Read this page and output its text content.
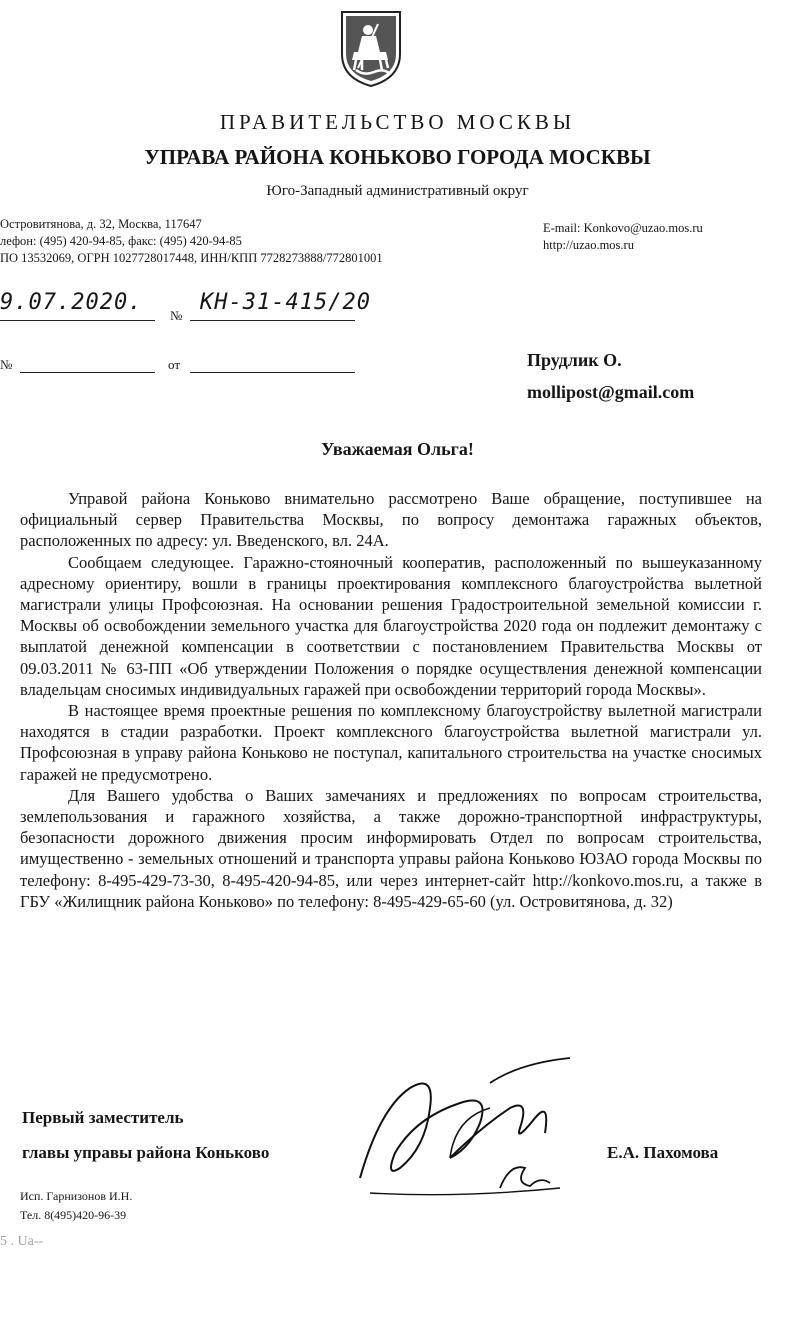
ПРАВИТЕЛЬСТВО МОСКВЫ
УПРАВА РАЙОНА КОНЬКОВО ГОРОДА МОСКВЫ
Юго-Западный административный округ
Островитянова, д. 32, Москва, 117647
лефон: (495) 420-94-85, факс: (495) 420-94-85
ПО 13532069, ОГРН 1027728017448, ИНН/КПП 7728273888/772801001
E-mail: Konkovo@uzao.mos.ru
http://uzao.mos.ru
9.07.2020.
№
КН-31-415/20
№	от	Прудлик О.
mollipost@gmail.com
Уважаемая Ольга!

Управой района Коньково внимательно рассмотрено Ваше обращение, поступившее на официальный сервер Правительства Москвы, по вопросу демонтажа гаражных объектов, расположенных по адресу: ул. Введенского, вл. 24А.

Сообщаем следующее. Гаражно-стояночный кооператив, расположенный по вышеуказанному адресному ориентиру, вошли в границы проектирования комплексного благоустройства вылетной магистрали улицы Профсоюзная. На основании решения Градостроительной земельной комиссии г. Москвы об освобождении земельного участка для благоустройства 2020 года он подлежит демонтажу с выплатой денежной компенсации в соответствии с постановлением Правительства Москвы от 09.03.2011 № 63-ПП «Об утверждении Положения о порядке осуществления денежной компенсации владельцам сносимых индивидуальных гаражей при освобождении территорий города Москвы».

В настоящее время проектные решения по комплексному благоустройству вылетной магистрали находятся в стадии разработки. Проект комплексного благоустройства вылетной магистрали ул. Профсоюзная в управу района Коньково не поступал, капитального строительства на участке сносимых гаражей не предусмотрено.

Для Вашего удобства о Ваших замечаниях и предложениях по вопросам строительства, землепользования и гаражного хозяйства, а также дорожно-транспортной инфраструктуры, безопасности дорожного движения просим информировать Отдел по вопросам строительства, имущественно - земельных отношений и транспорта управы района Коньково ЮЗАО города Москвы по телефону: 8-495-429-73-30, 8-495-420-94-85, или через интернет-сайт http://konkovo.mos.ru, а также в ГБУ «Жилищник района Коньково» по телефону: 8-495-429-65-60 (ул. Островитянова, д. 32)

Первый заместитель
главы управы района Коньково	Е.А. Пахомова
Исп. Гарнизонов И.Н.
Тел. 8(495)420-96-39
5 . Ua‑‑
